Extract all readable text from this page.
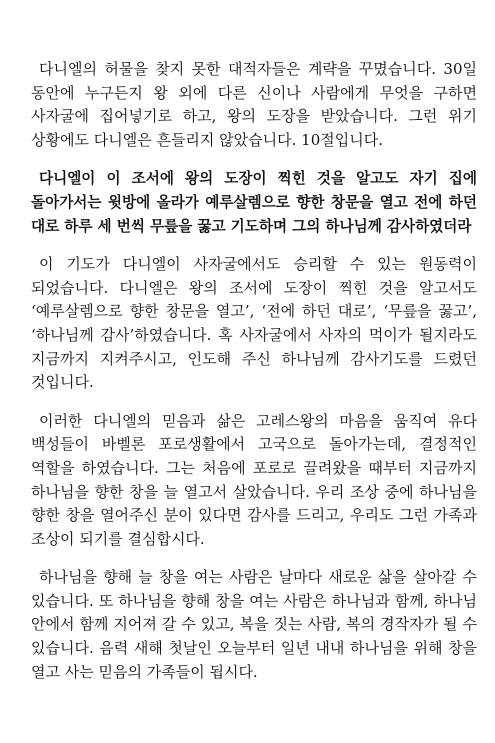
다니엘의 허물을 찾지 못한 대적자들은 계략을 꾸몄습니다. 30일 동안에 누구든지 왕 외에 다른 신이나 사람에게 무엇을 구하면 사자굴에 집어넣기로 하고, 왕의 도장을 받았습니다. 그런 위기 상황에도 다니엘은 흔들리지 않았습니다. 10절입니다.

다니엘이 이 조서에 왕의 도장이 찍힌 것을 알고도 자기 집에 돌아가서는 윗방에 올라가 예루살렘으로 향한 창문을 열고 전에 하던 대로 하루 세 번씩 무릎을 꿇고 기도하며 그의 하나님께 감사하였더라

이 기도가 다니엘이 사자굴에서도 승리할 수 있는 원동력이 되었습니다. 다니엘은 왕의 조서에 도장이 찍힌 것을 알고서도 ‘예루살렘으로 향한 창문을 열고’, ‘전에 하던 대로’, ‘무릎을 꿇고’, ‘하나님께 감사’하였습니다. 혹 사자굴에서 사자의 먹이가 될지라도 지금까지 지켜주시고, 인도해 주신 하나님께 감사기도를 드렸던 것입니다.

이러한 다니엘의 믿음과 삶은 고레스왕의 마음을 움직여 유다 백성들이 바벨론 포로생활에서 고국으로 돌아가는데, 결정적인 역할을 하였습니다. 그는 처음에 포로로 끌려왔을 때부터 지금까지 하나님을 향한 창을 늘 열고서 살았습니다. 우리 조상 중에 하나님을 향한 창을 열어주신 분이 있다면 감사를 드리고, 우리도 그런 가족과 조상이 되기를 결심합시다.

하나님을 향해 늘 창을 여는 사람은 날마다 새로운 삶을 살아갈 수 있습니다. 또 하나님을 향해 창을 여는 사람은 하나님과 함께, 하나님 안에서 함께 지어져 갈 수 있고, 복을 짓는 사람, 복의 경작자가 될 수 있습니다. 음력 새해 첫날인 오늘부터 일년 내내 하나님을 위해 창을 열고 사는 믿음의 가족들이 됩시다.
